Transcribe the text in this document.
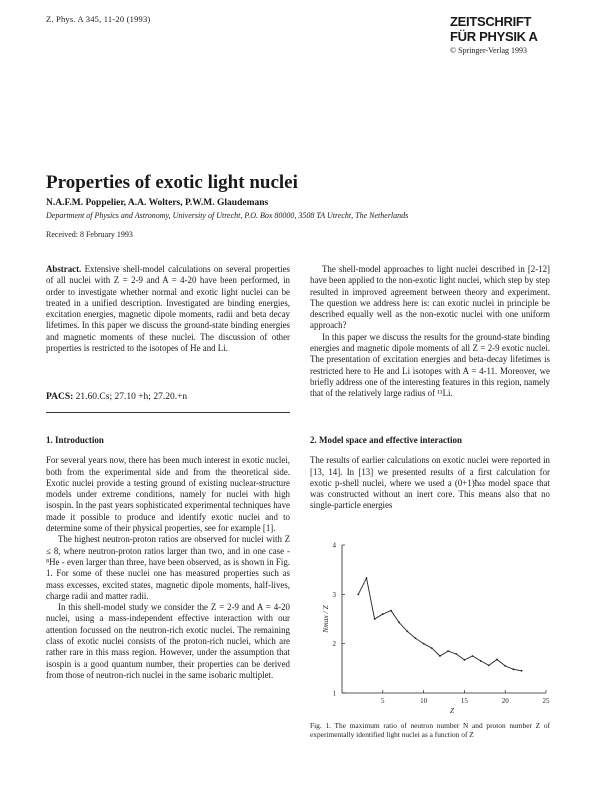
Z. Phys. A 345, 11-20 (1993)	ZEITSCHRIFT
FÜR PHYSIK A
© Springer-Verlag 1993
Properties of exotic light nuclei
N.A.F.M. Poppelier, A.A. Wolters, P.W.M. Glaudemans
Department of Physics and Astronomy, University of Utrecht, P.O. Box 80000, 3508 TA Utrecht, The Netherlands
Received: 8 February 1993

Abstract. Extensive shell-model calculations on several properties of all nuclei with Z = 2-9 and A = 4-20 have been performed, in order to investigate whether normal and exotic light nuclei can be treated in a unified description. Investigated are binding energies, excitation energies, magnetic dipole moments, radii and beta decay lifetimes. In this paper we discuss the ground-state binding energies and magnetic moments of these nuclei. The discussion of other properties is restricted to the isotopes of He and Li.

PACS: 21.60.Cs; 27.10 +h; 27.20.+n

The shell-model approaches to light nuclei described in [2-12] have been applied to the non-exotic light nuclei, which step by step resulted in improved agreement between theory and experiment. The question we address here is: can exotic nuclei in principle be described equally well as the non-exotic nuclei with one uniform approach?

In this paper we discuss the results for the ground-state binding energies and magnetic dipole moments of all Z = 2-9 exotic nuclei. The presentation of excitation energies and beta-decay lifetimes is restricted here to He and Li isotopes with A = 4-11. Moreover, we briefly address one of the interesting features in this region, namely that of the relatively large radius of ¹¹Li.

1. Introduction

For several years now, there has been much interest in exotic nuclei, both from the experimental side and from the theoretical side. Exotic nuclei provide a testing ground of existing nuclear-structure models under extreme conditions, namely for nuclei with high isospin. In the past years sophisticated experimental techniques have made it possible to produce and identify exotic nuclei and to determine some of their physical properties, see for example [1].

The highest neutron-proton ratios are observed for nuclei with Z ≤ 8, where neutron-proton ratios larger than two, and in one case - ⁸He - even larger than three, have been observed, as is shown in Fig. 1. For some of these nuclei one has measured properties such as mass excesses, excited states, magnetic dipole moments, half-lives, charge radii and matter radii.

In this shell-model study we consider the Z = 2-9 and A = 4-20 nuclei, using a mass-independent effective interaction with our attention focussed on the neutron-rich exotic nuclei. The remaining class of exotic nuclei consists of the proton-rich nuclei, which are rather rare in this mass region. However, under the assumption that isospin is a good quantum number, their properties can be derived from those of neutron-rich nuclei in the same isobaric multiplet.

2. Model space and effective interaction

The results of earlier calculations on exotic nuclei were reported in [13, 14]. In [13] we presented results of a first calculation for exotic p-shell nuclei, where we used a (0+1)ħω model space that was constructed without an inert core. This means also that no single-particle energies

5	10	15	20	25
1
2
3
4
Z
Nmax / Z
Fig. 1. The maximum ratio of neutron number N and proton number Z of experimentally identified light nuclei as a function of Z
